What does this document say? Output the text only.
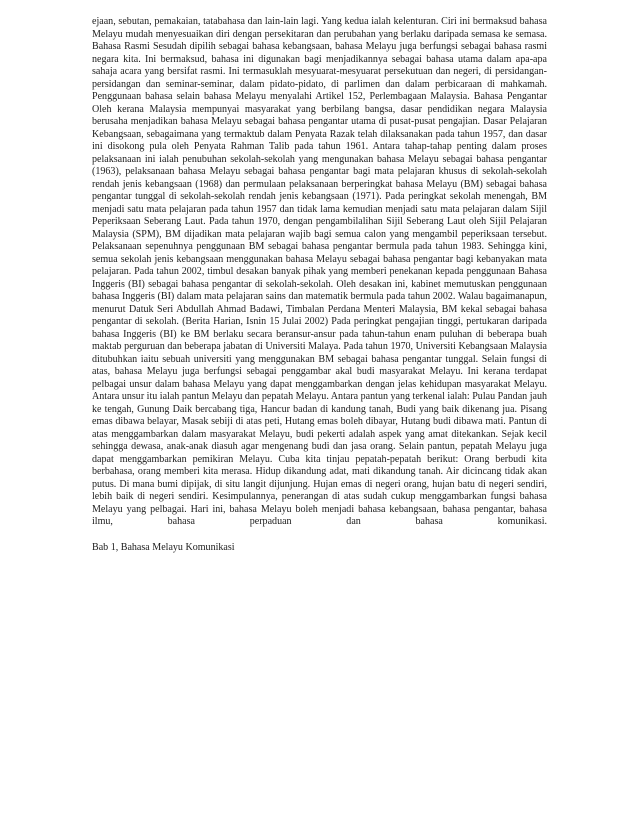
ejaan, sebutan, pemakaian, tatabahasa dan lain-lain lagi. Yang kedua ialah kelenturan. Ciri ini bermaksud bahasa Melayu mudah menyesuaikan diri dengan persekitaran dan perubahan yang berlaku daripada semasa ke semasa. Bahasa Rasmi Sesudah dipilih sebagai bahasa kebangsaan, bahasa Melayu juga berfungsi sebagai bahasa rasmi negara kita. Ini bermaksud, bahasa ini digunakan bagi menjadikannya sebagai bahasa utama dalam apa-apa sahaja acara yang bersifat rasmi. Ini termasuklah mesyuarat-mesyuarat persekutuan dan negeri, di persidangan-persidangan dan seminar-seminar, dalam pidato-pidato, di parlimen dan dalam perbicaraan di mahkamah. Penggunaan bahasa selain bahasa Melayu menyalahi Artikel 152, Perlembagaan Malaysia. Bahasa Pengantar Oleh kerana Malaysia mempunyai masyarakat yang berbilang bangsa, dasar pendidikan negara Malaysia berusaha menjadikan bahasa Melayu sebagai bahasa pengantar utama di pusat-pusat pengajian. Dasar Pelajaran Kebangsaan, sebagaimana yang termaktub dalam Penyata Razak telah dilaksanakan pada tahun 1957, dan dasar ini disokong pula oleh Penyata Rahman Talib pada tahun 1961. Antara tahap-tahap penting dalam proses pelaksanaan ini ialah penubuhan sekolah-sekolah yang mengunakan bahasa Melayu sebagai bahasa pengantar (1963), pelaksanaan bahasa Melayu sebagai bahasa pengantar bagi mata pelajaran khusus di sekolah-sekolah rendah jenis kebangsaan (1968) dan permulaan pelaksanaan berperingkat bahasa Melayu (BM) sebagai bahasa pengantar tunggal di sekolah-sekolah rendah jenis kebangsaan (1971). Pada peringkat sekolah menengah, BM menjadi satu mata pelajaran pada tahun 1957 dan tidak lama kemudian menjadi satu mata pelajaran dalam Sijil Peperiksaan Seberang Laut. Pada tahun 1970, dengan pengambilalihan Sijil Seberang Laut oleh Sijil Pelajaran Malaysia (SPM), BM dijadikan mata pelajaran wajib bagi semua calon yang mengambil peperiksaan tersebut. Pelaksanaan sepenuhnya penggunaan BM sebagai bahasa pengantar bermula pada tahun 1983. Sehingga kini, semua sekolah jenis kebangsaan menggunakan bahasa Melayu sebagai bahasa pengantar bagi kebanyakan mata pelajaran. Pada tahun 2002, timbul desakan banyak pihak yang memberi penekanan kepada penggunaan Bahasa Inggeris (BI) sebagai bahasa pengantar di sekolah-sekolah. Oleh desakan ini, kabinet memutuskan penggunaan bahasa Inggeris (BI) dalam mata pelajaran sains dan matematik bermula pada tahun 2002. Walau bagaimanapun, menurut Datuk Seri Abdullah Ahmad Badawi, Timbalan Perdana Menteri Malaysia, BM kekal sebagai bahasa pengantar di sekolah. (Berita Harian, Isnin 15 Julai 2002) Pada peringkat pengajian tinggi, pertukaran daripada bahasa Inggeris (BI) ke BM berlaku secara beransur-ansur pada tahun-tahun enam puluhan di beberapa buah maktab perguruan dan beberapa jabatan di Universiti Malaya. Pada tahun 1970, Universiti Kebangsaan Malaysia ditubuhkan iaitu sebuah universiti yang menggunakan BM sebagai bahasa pengantar tunggal. Selain fungsi di atas, bahasa Melayu juga berfungsi sebagai penggambar akal budi masyarakat Melayu. Ini kerana terdapat pelbagai unsur dalam bahasa Melayu yang dapat menggambarkan dengan jelas kehidupan masyarakat Melayu. Antara unsur itu ialah pantun Melayu dan pepatah Melayu. Antara pantun yang terkenal ialah: Pulau Pandan jauh ke tengah, Gunung Daik bercabang tiga, Hancur badan di kandung tanah, Budi yang baik dikenang jua. Pisang emas dibawa belayar, Masak sebiji di atas peti, Hutang emas boleh dibayar, Hutang budi dibawa mati. Pantun di atas menggambarkan dalam masyarakat Melayu, budi pekerti adalah aspek yang amat ditekankan. Sejak kecil sehingga dewasa, anak-anak diasuh agar mengenang budi dan jasa orang. Selain pantun, pepatah Melayu juga dapat menggambarkan pemikiran Melayu. Cuba kita tinjau pepatah-pepatah berikut: Orang berbudi kita berbahasa, orang memberi kita merasa. Hidup dikandung adat, mati dikandung tanah. Air dicincang tidak akan putus. Di mana bumi dipijak, di situ langit dijunjung. Hujan emas di negeri orang, hujan batu di negeri sendiri, lebih baik di negeri sendiri. Kesimpulannya, penerangan di atas sudah cukup menggambarkan fungsi bahasa Melayu yang pelbagai. Hari ini, bahasa Melayu boleh menjadi bahasa kebangsaan, bahasa pengantar, bahasa ilmu, bahasa perpaduan dan bahasa komunikasi.

Bab 1, Bahasa Melayu Komunikasi
